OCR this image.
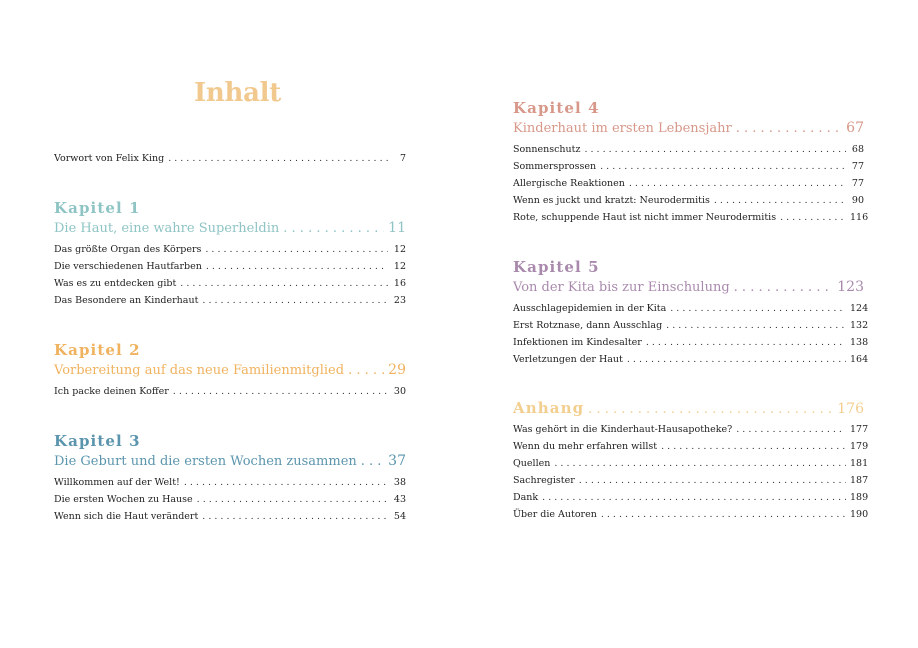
Inhalt
Vorwort von Felix King . . .	7
Kapitel 1
Die Haut, eine wahre Superheldin . . .	11
Das größte Organ des Körpers . . .	12
Die verschiedenen Hautfarben . . .	12
Was es zu entdecken gibt . . .	16
Das Besondere an Kinderhaut . . .	23
Kapitel 2
Vorbereitung auf das neue Familienmitglied . . .	29
Ich packe deinen Koffer . . .	30
Kapitel 3
Die Geburt und die ersten Wochen zusammen . . . 37
Willkommen auf der Welt! . . .	38
Die ersten Wochen zu Hause . . .	43
Wenn sich die Haut verändert . . .	54
Kapitel 4
Kinderhaut im ersten Lebensjahr . . .	67
Sonnenschutz . . .	68
Sommersprossen . . .	77
Allergische Reaktionen . . .	77
Wenn es juckt und kratzt: Neurodermitis . . .	90
Rote, schuppende Haut ist nicht immer Neurodermitis . . .	116
Kapitel 5
Von der Kita bis zur Einschulung . . .	123
Ausschlagepidemien in der Kita . . .	124
Erst Rotznase, dann Ausschlag . . .	132
Infektionen im Kindesalter . . .	138
Verletzungen der Haut . . .	164
Anhang . . .	176
Was gehört in die Kinderhaut-Hausapotheke? . . .	177
Wenn du mehr erfahren willst . . .	179
Quellen . . .	181
Sachregister . . .	187
Dank . . .	189
Über die Autoren . . .	190
